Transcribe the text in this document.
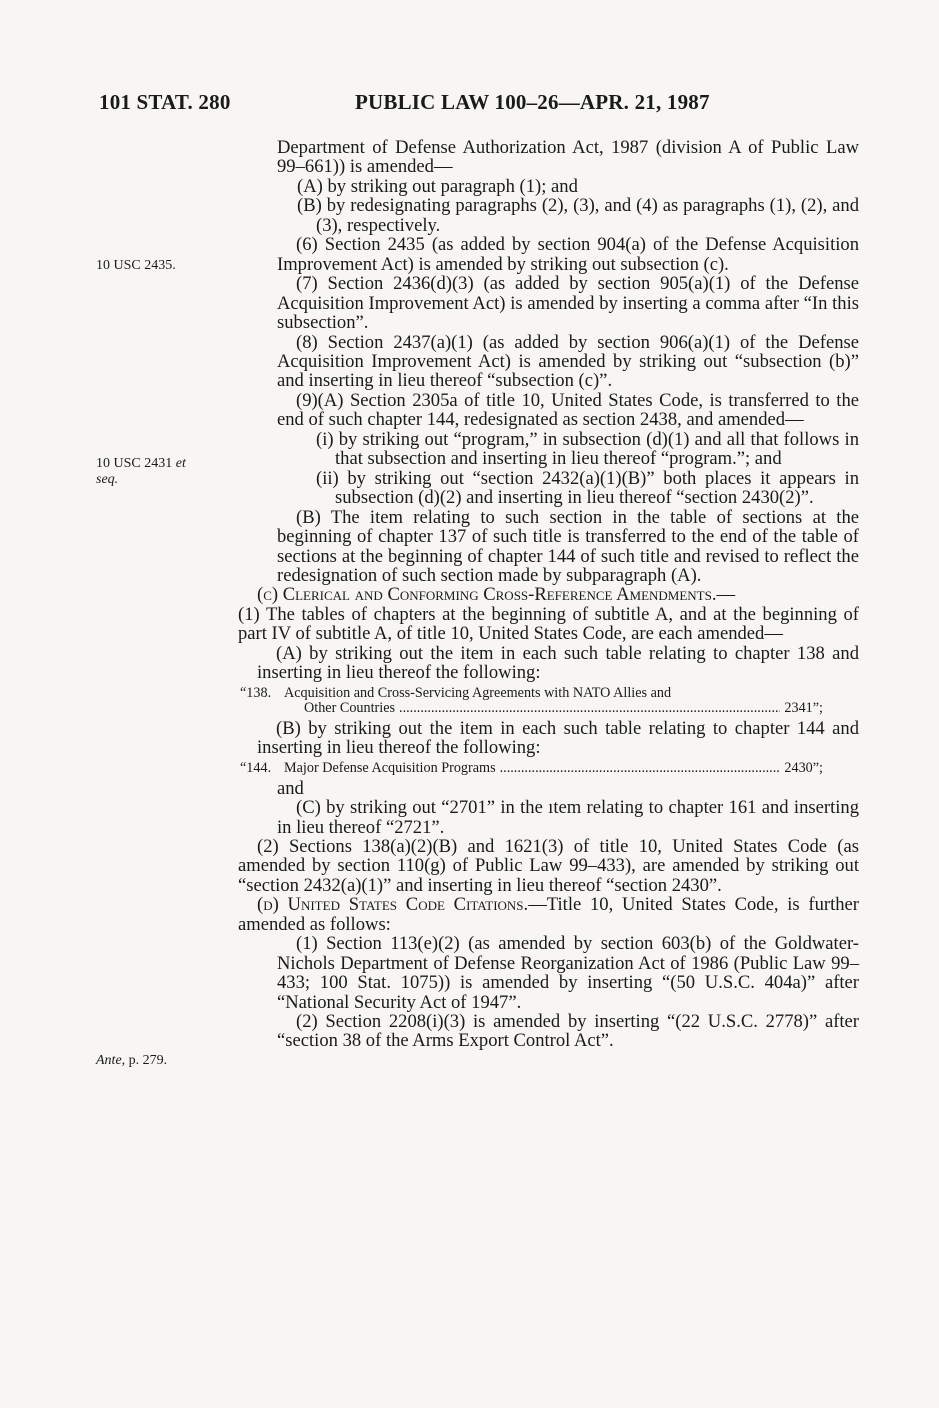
101 STAT. 280	PUBLIC LAW 100–26—APR. 21, 1987
10 USC 2435.
10 USC 2431 et
seq.
Ante, p. 279.

Department of Defense Authorization Act, 1987 (division A of Public Law 99–661)) is amended—

(A) by striking out paragraph (1); and

(B) by redesignating paragraphs (2), (3), and (4) as paragraphs (1), (2), and (3), respectively.

(6) Section 2435 (as added by section 904(a) of the Defense Acquisition Improvement Act) is amended by striking out subsection (c).

(7) Section 2436(d)(3) (as added by section 905(a)(1) of the Defense Acquisition Improvement Act) is amended by inserting a comma after “In this subsection”.

(8) Section 2437(a)(1) (as added by section 906(a)(1) of the Defense Acquisition Improvement Act) is amended by striking out “subsection (b)” and inserting in lieu thereof “subsection (c)”.

(9)(A) Section 2305a of title 10, United States Code, is transferred to the end of such chapter 144, redesignated as section 2438, and amended—

(i) by striking out “program,” in subsection (d)(1) and all that follows in that subsection and inserting in lieu thereof “program.”; and

(ii) by striking out “section 2432(a)(1)(B)” both places it appears in subsection (d)(2) and inserting in lieu thereof “section 2430(2)”.

(B) The item relating to such section in the table of sections at the beginning of chapter 137 of such title is transferred to the end of the table of sections at the beginning of chapter 144 of such title and revised to reflect the redesignation of such section made by subparagraph (A).

(c) Clerical and Conforming Cross-Reference Amendments.—

(1) The tables of chapters at the beginning of subtitle A, and at the beginning of part IV of subtitle A, of title 10, United States Code, are each amended—

(A) by striking out the item in each such table relating to chapter 138 and inserting in lieu thereof the following:

“138. Acquisition and Cross-Servicing Agreements with NATO Allies and
Other Countries .....	2341”;

(B) by striking out the item in each such table relating to chapter 144 and inserting in lieu thereof the following:

“144. Major Defense Acquisition Programs .....	2430”;

and

(C) by striking out “2701” in the ıtem relating to chapter 161 and inserting in lieu thereof “2721”.

(2) Sections 138(a)(2)(B) and 1621(3) of title 10, United States Code (as amended by section 110(g) of Public Law 99–433), are amended by striking out “section 2432(a)(1)” and inserting in lieu thereof “section 2430”.

(d) United States Code Citations.—Title 10, United States Code, is further amended as follows:

(1) Section 113(e)(2) (as amended by section 603(b) of the Goldwater-Nichols Department of Defense Reorganization Act of 1986 (Public Law 99–433; 100 Stat. 1075)) is amended by inserting “(50 U.S.C. 404a)” after “National Security Act of 1947”.

(2) Section 2208(i)(3) is amended by inserting “(22 U.S.C. 2778)” after “section 38 of the Arms Export Control Act”.
